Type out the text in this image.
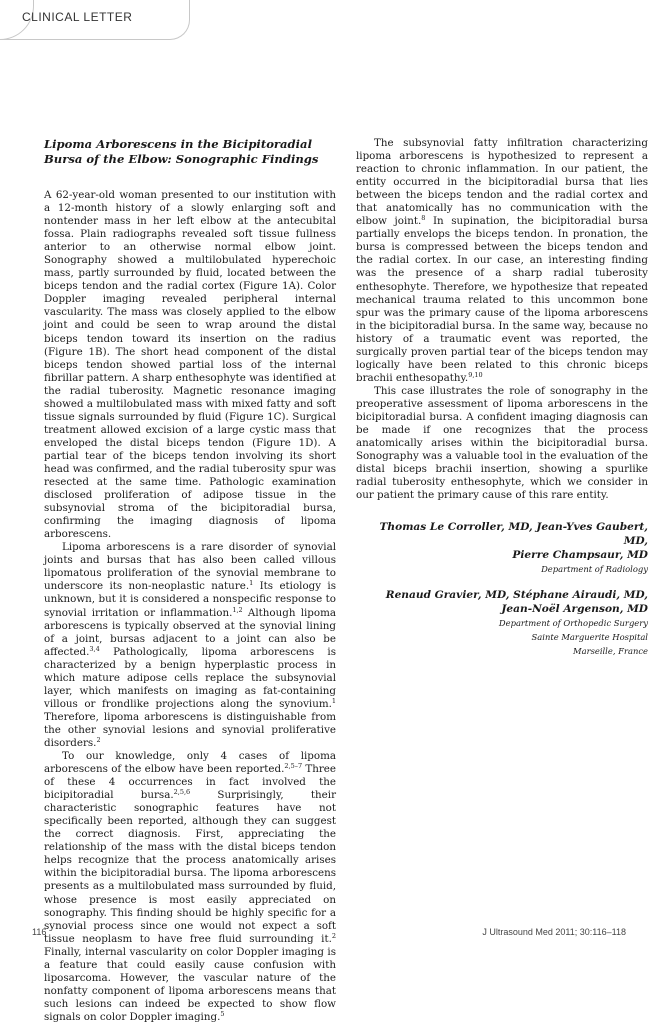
CLINICAL LETTER
Lipoma Arborescens in the Bicipitoradial Bursa of the Elbow: Sonographic Findings

A 62-year-old woman presented to our institution with a 12-month history of a slowly enlarging soft and nontender mass in her left elbow at the antecubital fossa. Plain radiographs revealed soft tissue fullness anterior to an otherwise normal elbow joint. Sonography showed a multilobulated hyperechoic mass, partly surrounded by fluid, located between the biceps tendon and the radial cortex (Figure 1A). Color Doppler imaging revealed peripheral internal vascularity. The mass was closely applied to the elbow joint and could be seen to wrap around the distal biceps tendon toward its insertion on the radius (Figure 1B). The short head component of the distal biceps tendon showed partial loss of the internal fibrillar pattern. A sharp enthesophyte was identified at the radial tuberosity. Magnetic resonance imaging showed a multilobulated mass with mixed fatty and soft tissue signals surrounded by fluid (Figure 1C). Surgical treatment allowed excision of a large cystic mass that enveloped the distal biceps tendon (Figure 1D). A partial tear of the biceps tendon involving its short head was confirmed, and the radial tuberosity spur was resected at the same time. Pathologic examination disclosed proliferation of adipose tissue in the subsynovial stroma of the bicipitoradial bursa, confirming the imaging diagnosis of lipoma arborescens.

Lipoma arborescens is a rare disorder of synovial joints and bursas that has also been called villous lipomatous proliferation of the synovial membrane to underscore its non-neoplastic nature.$^1$ Its etiology is unknown, but it is considered a nonspecific response to synovial irritation or inflammation.$^{1,2}$ Although lipoma arborescens is typically observed at the synovial lining of a joint, bursas adjacent to a joint can also be affected.$^{3,4}$ Pathologically, lipoma arborescens is characterized by a benign hyperplastic process in which mature adipose cells replace the subsynovial layer, which manifests on imaging as fat-containing villous or frondlike projections along the synovium.$^1$ Therefore, lipoma arborescens is distinguishable from the other synovial lesions and synovial proliferative disorders.$^2$

To our knowledge, only 4 cases of lipoma arborescens of the elbow have been reported.$^{2,5-7}$ Three of these 4 occurrences in fact involved the bicipitoradial bursa.$^{2,5,6}$ Surprisingly, their characteristic sonographic features have not specifically been reported, although they can suggest the correct diagnosis. First, appreciating the relationship of the mass with the distal biceps tendon helps recognize that the process anatomically arises within the bicipitoradial bursa. The lipoma arborescens presents as a multilobulated mass surrounded by fluid, whose presence is most easily appreciated on sonography. This finding should be highly specific for a synovial process since one would not expect a soft tissue neoplasm to have free fluid surrounding it.$^2$ Finally, internal vascularity on color Doppler imaging is a feature that could easily cause confusion with liposarcoma. However, the vascular nature of the nonfatty component of lipoma arborescens means that such lesions can indeed be expected to show flow signals on color Doppler imaging.$^5$

The subsynovial fatty infiltration characterizing lipoma arborescens is hypothesized to represent a reaction to chronic inflammation. In our patient, the entity occurred in the bicipitoradial bursa that lies between the biceps tendon and the radial cortex and that anatomically has no communication with the elbow joint.$^8$ In supination, the bicipitoradial bursa partially envelops the biceps tendon. In pronation, the bursa is compressed between the biceps tendon and the radial cortex. In our case, an interesting finding was the presence of a sharp radial tuberosity enthesophyte. Therefore, we hypothesize that repeated mechanical trauma related to this uncommon bone spur was the primary cause of the lipoma arborescens in the bicipitoradial bursa. In the same way, because no history of a traumatic event was reported, the surgically proven partial tear of the biceps tendon may logically have been related to this chronic biceps brachii enthesopathy.$^{9,10}$

This case illustrates the role of sonography in the preoperative assessment of lipoma arborescens in the bicipitoradial bursa. A confident imaging diagnosis can be made if one recognizes that the process anatomically arises within the bicipitoradial bursa. Sonography was a valuable tool in the evaluation of the distal biceps brachii insertion, showing a spurlike radial tuberosity enthesophyte, which we consider in our patient the primary cause of this rare entity.

Thomas Le Corroller, MD, Jean-Yves Gaubert, MD,
Pierre Champsaur, MD
Department of Radiology
Renaud Gravier, MD, Stéphane Airaudi, MD,
Jean-Noël Argenson, MD
Department of Orthopedic Surgery
Sainte Marguerite Hospital
Marseille, France
116	J Ultrasound Med 2011; 30:116–118
